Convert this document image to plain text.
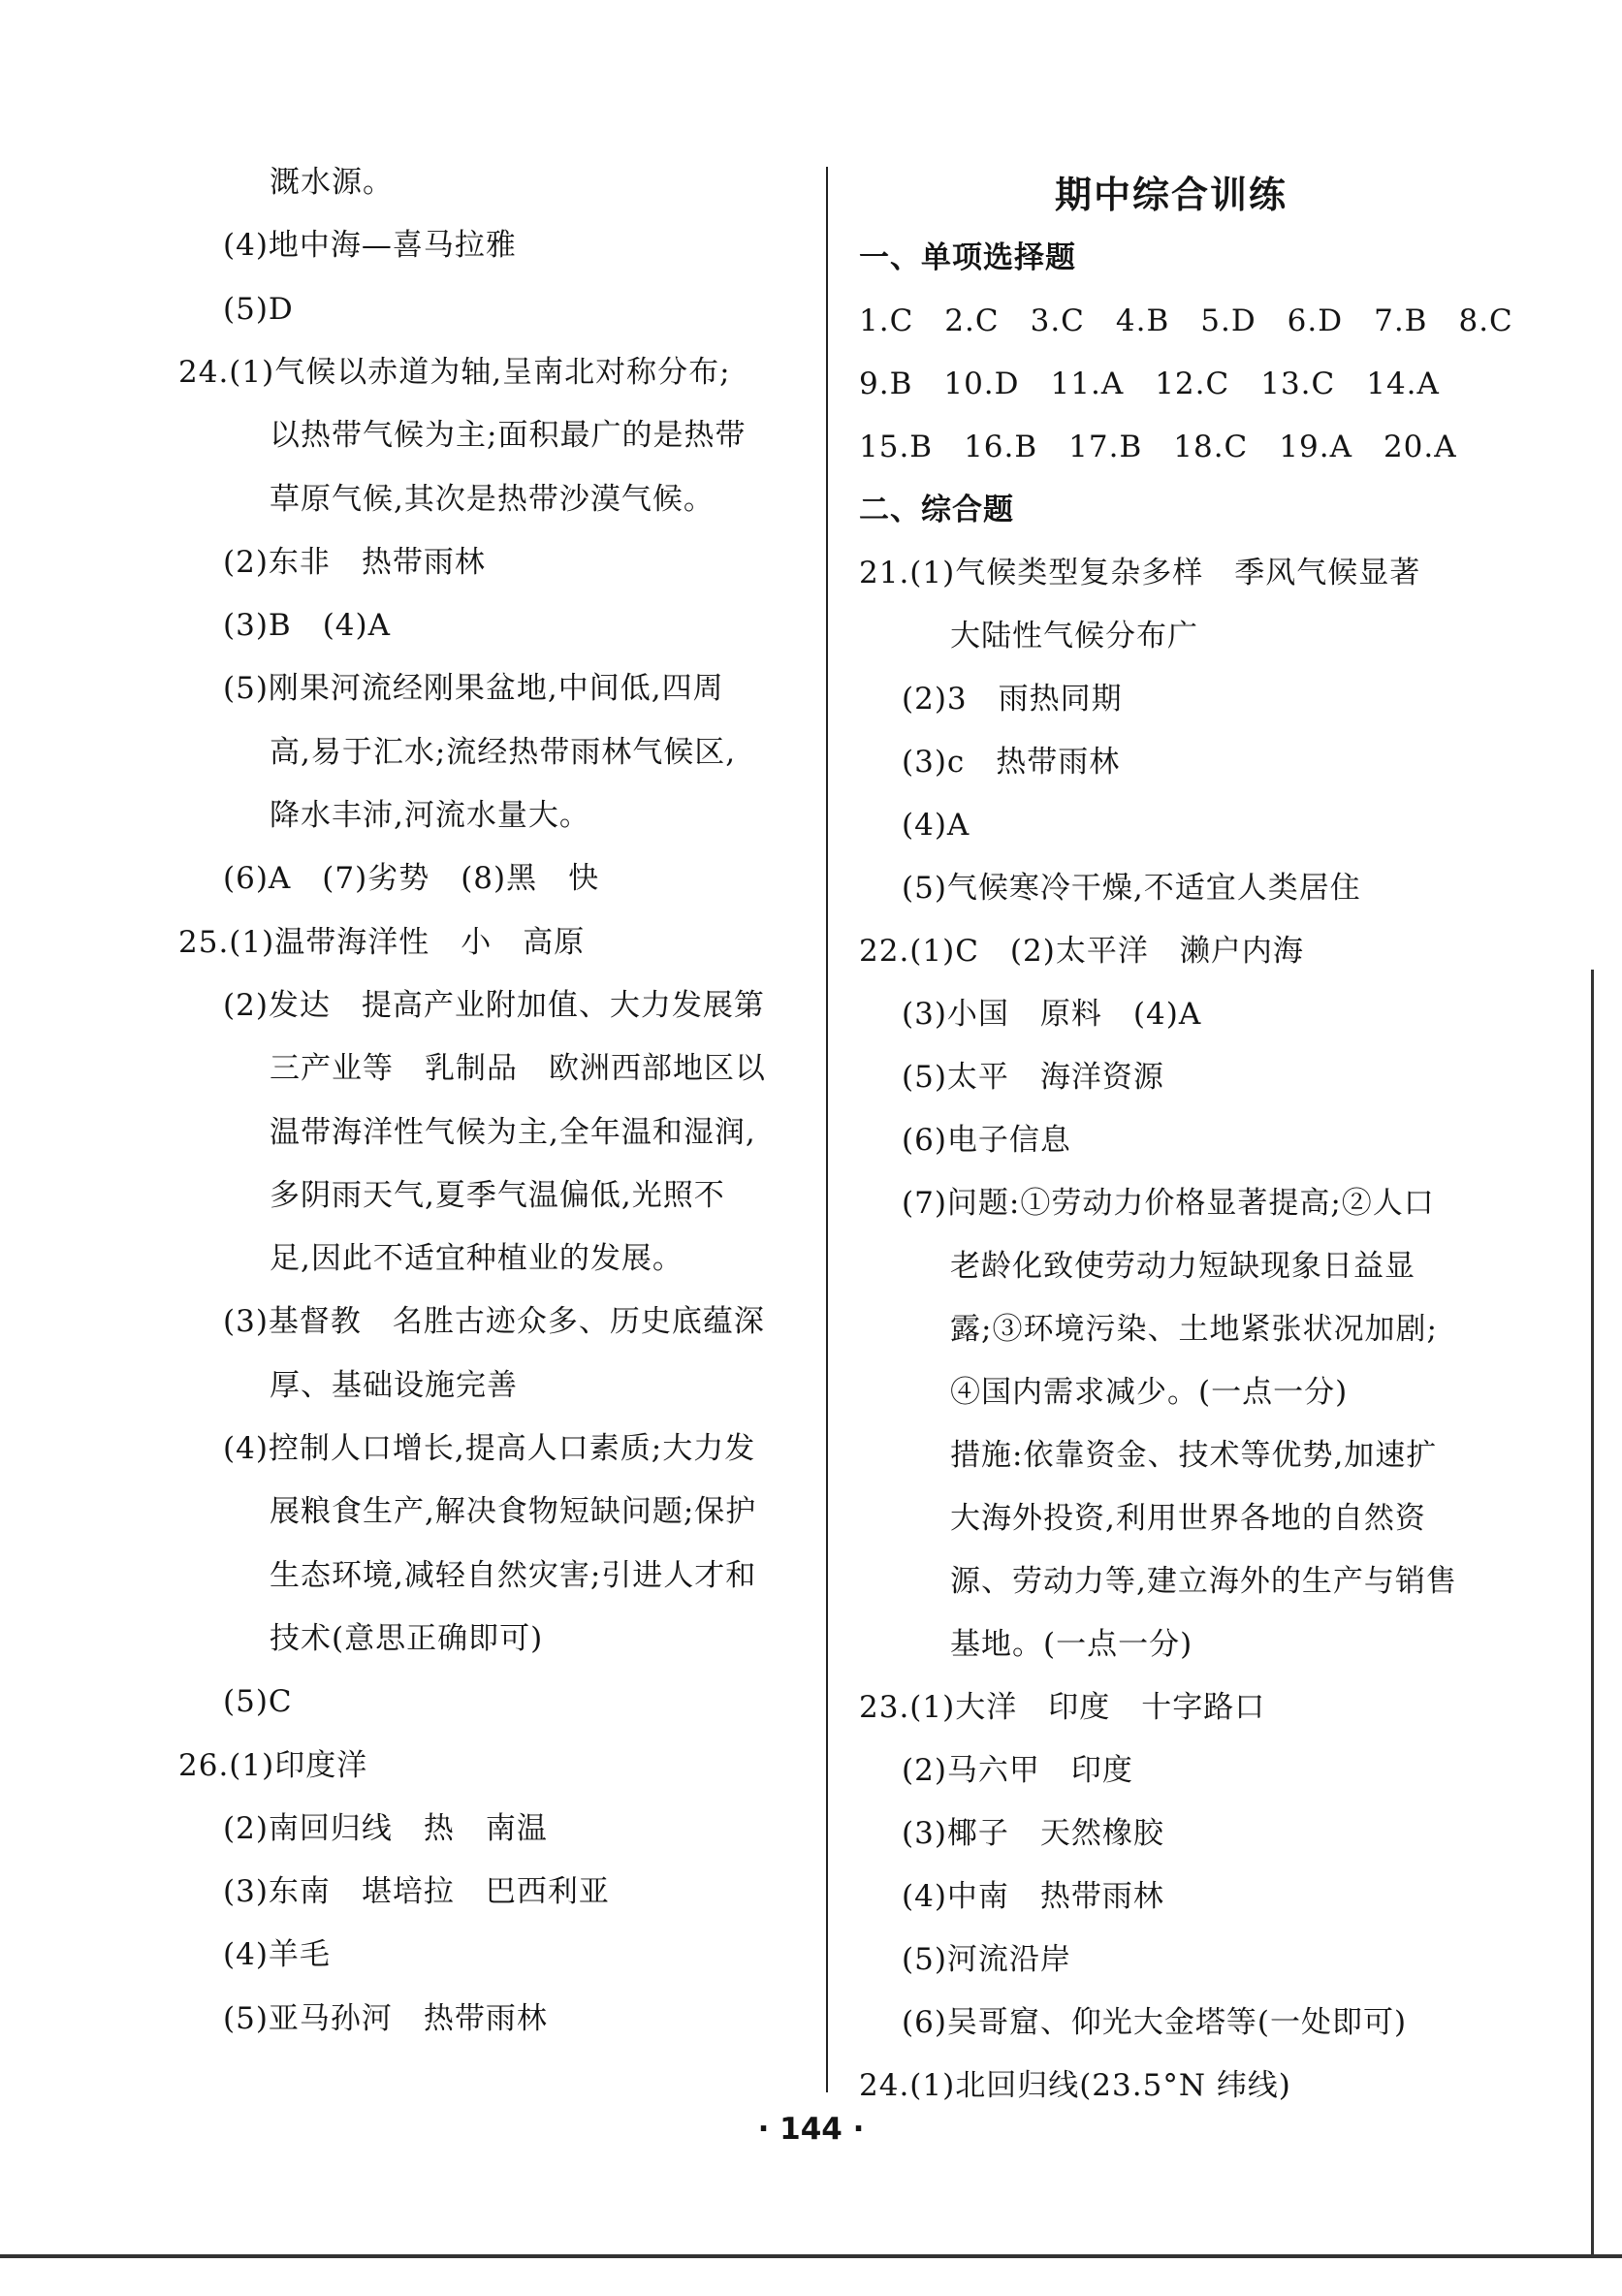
溉水源。
(4)地中海—喜马拉雅
(5)D
24.(1)气候以赤道为轴,呈南北对称分布;
以热带气候为主;面积最广的是热带
草原气候,其次是热带沙漠气候。
(2)东非　热带雨林
(3)B　(4)A
(5)刚果河流经刚果盆地,中间低,四周
高,易于汇水;流经热带雨林气候区,
降水丰沛,河流水量大。
(6)A　(7)劣势　(8)黑　快
25.(1)温带海洋性　小　高原
(2)发达　提高产业附加值、大力发展第
三产业等　乳制品　欧洲西部地区以
温带海洋性气候为主,全年温和湿润,
多阴雨天气,夏季气温偏低,光照不
足,因此不适宜种植业的发展。
(3)基督教　名胜古迹众多、历史底蕴深
厚、基础设施完善
(4)控制人口增长,提高人口素质;大力发
展粮食生产,解决食物短缺问题;保护
生态环境,减轻自然灾害;引进人才和
技术(意思正确即可)
(5)C
26.(1)印度洋
(2)南回归线　热　南温
(3)东南　堪培拉　巴西利亚
(4)羊毛
(5)亚马孙河　热带雨林
期中综合训练
一、单项选择题
1.C　2.C　3.C　4.B　5.D　6.D　7.B　8.C
9.B　10.D　11.A　12.C　13.C　14.A
15.B　16.B　17.B　18.C　19.A　20.A
二、综合题
21.(1)气候类型复杂多样　季风气候显著
大陆性气候分布广
(2)3　雨热同期
(3)c　热带雨林
(4)A
(5)气候寒冷干燥,不适宜人类居住
22.(1)C　(2)太平洋　濑户内海
(3)小国　原料　(4)A
(5)太平　海洋资源
(6)电子信息
(7)问题:①劳动力价格显著提高;②人口
老龄化致使劳动力短缺现象日益显
露;③环境污染、土地紧张状况加剧;
④国内需求减少。(一点一分)
措施:依靠资金、技术等优势,加速扩
大海外投资,利用世界各地的自然资
源、劳动力等,建立海外的生产与销售
基地。(一点一分)
23.(1)大洋　印度　十字路口
(2)马六甲　印度
(3)椰子　天然橡胶
(4)中南　热带雨林
(5)河流沿岸
(6)吴哥窟、仰光大金塔等(一处即可)
24.(1)北回归线(23.5°N 纬线)
· 144 ·
